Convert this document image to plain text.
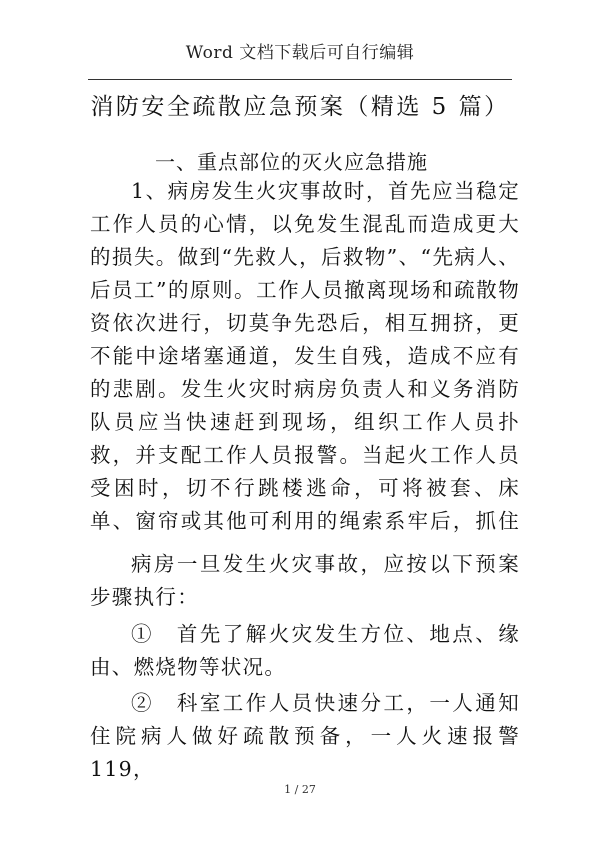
Word 文档下载后可自行编辑
消防安全疏散应急预案（精选 5 篇）
一、重点部位的灭火应急措施

1、病房发生火灾事故时，首先应当稳定工作人员的心情，以免发生混乱而造成更大的损失。做到“先救人，后救物”、“先病人、后员工”的原则。工作人员撤离现场和疏散物资依次进行，切莫争先恐后，相互拥挤，更不能中途堵塞通道，发生自残，造成不应有的悲剧。发生火灾时病房负责人和义务消防队员应当快速赶到现场，组织工作人员扑救，并支配工作人员报警。当起火工作人员受困时，切不行跳楼逃命，可将被套、床单、窗帘或其他可利用的绳索系牢后，抓住

病房一旦发生火灾事故，应按以下预案步骤执行：

①　首先了解火灾发生方位、地点、缘由、燃烧物等状况。

②　科室工作人员快速分工，一人通知住院病人做好疏散预备，一人火速报警 119，

1 / 27
